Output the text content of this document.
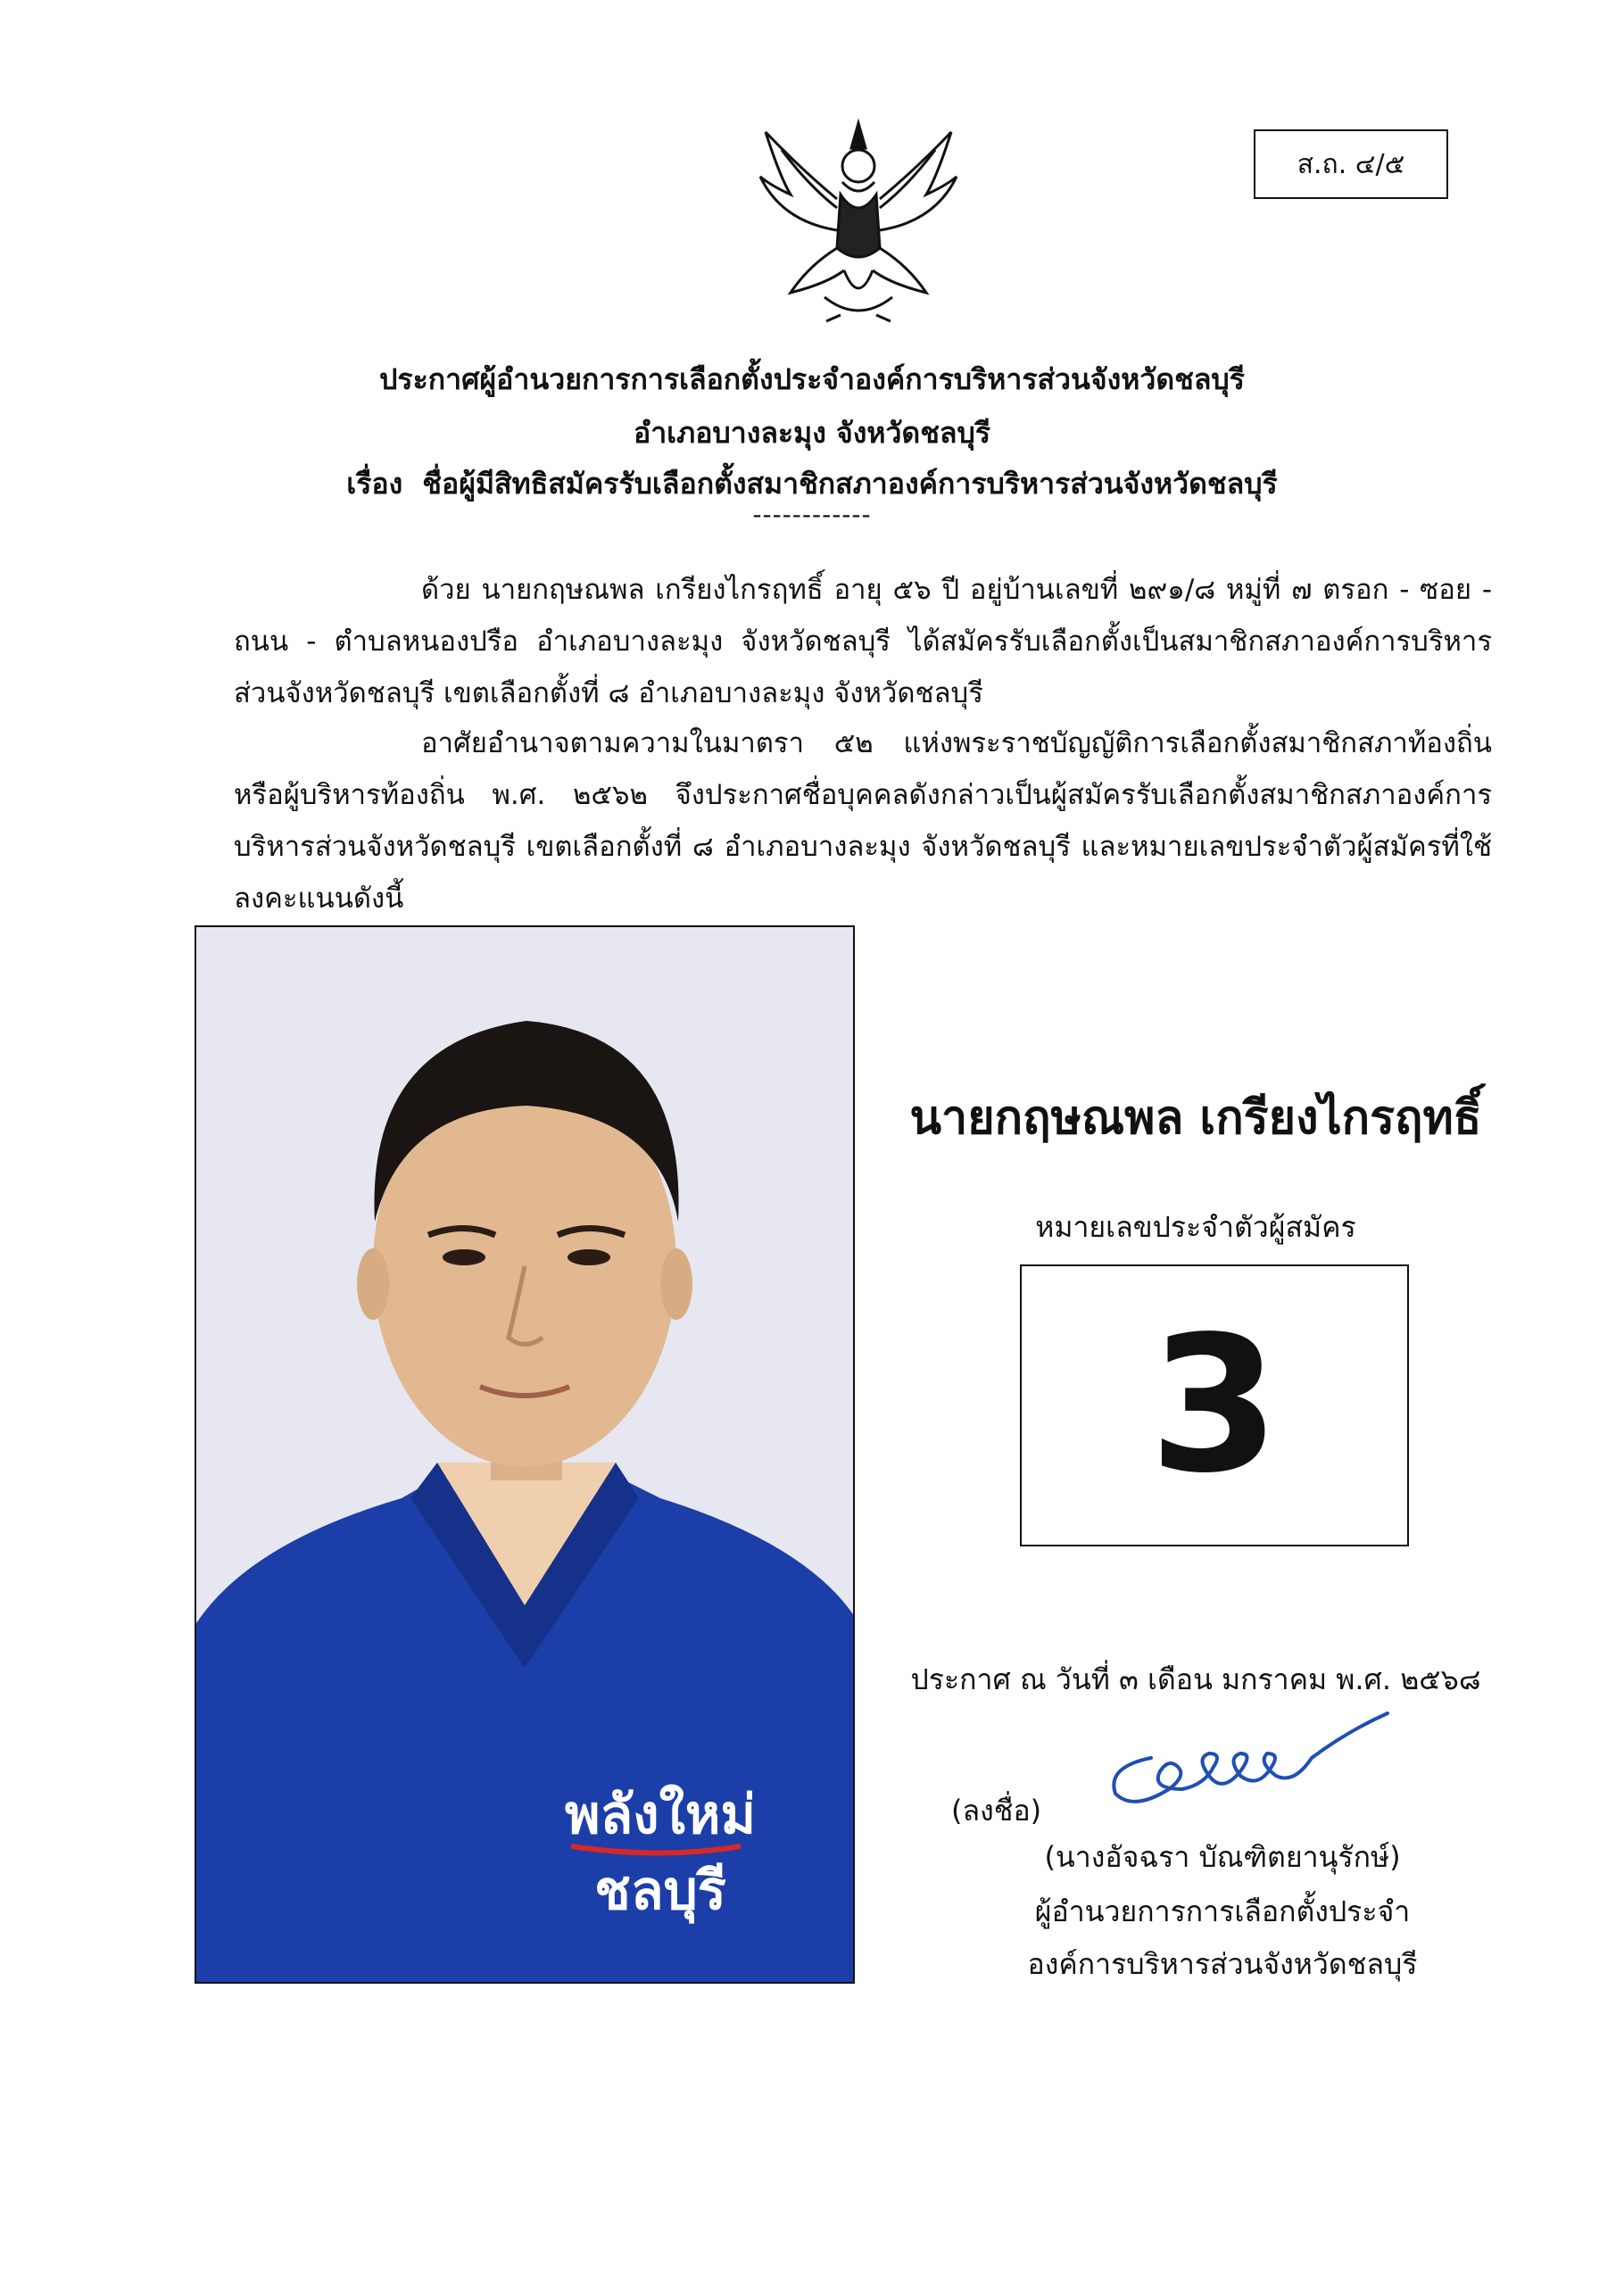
ส.ถ. ๔/๕
ประกาศผู้อำนวยการการเลือกตั้งประจำองค์การบริหารส่วนจังหวัดชลบุรี
อำเภอบางละมุง จังหวัดชลบุรี
เรื่อง ชื่อผู้มีสิทธิสมัครรับเลือกตั้งสมาชิกสภาองค์การบริหารส่วนจังหวัดชลบุรี
------------
ด้วย นายกฤษณพล เกรียงไกรฤทธิ์ อายุ ๕๖ ปี อยู่บ้านเลขที่ ๒๙๑/๘ หมู่ที่ ๗ ตรอก - ซอย - ถนน - ตำบลหนองปรือ อำเภอบางละมุง จังหวัดชลบุรี ได้สมัครรับเลือกตั้งเป็นสมาชิกสภาองค์การบริหารส่วนจังหวัดชลบุรี เขตเลือกตั้งที่ ๘ อำเภอบางละมุง จังหวัดชลบุรี
อาศัยอำนาจตามความในมาตรา ๕๒ แห่งพระราชบัญญัติการเลือกตั้งสมาชิกสภาท้องถิ่นหรือผู้บริหารท้องถิ่น พ.ศ. ๒๕๖๒ จึงประกาศชื่อบุคคลดังกล่าวเป็นผู้สมัครรับเลือกตั้งสมาชิกสภาองค์การบริหารส่วนจังหวัดชลบุรี เขตเลือกตั้งที่ ๘ อำเภอบางละมุง จังหวัดชลบุรี และหมายเลขประจำตัวผู้สมัครที่ใช้ลงคะแนนดังนี้
พลังใหม่
ชลบุรี
นายกฤษณพล เกรียงไกรฤทธิ์
หมายเลขประจำตัวผู้สมัคร
3
ประกาศ ณ วันที่ ๓ เดือน มกราคม พ.ศ. ๒๕๖๘
(ลงชื่อ)
(นางอัจฉรา บัณฑิตยานุรักษ์)
ผู้อำนวยการการเลือกตั้งประจำ
องค์การบริหารส่วนจังหวัดชลบุรี
